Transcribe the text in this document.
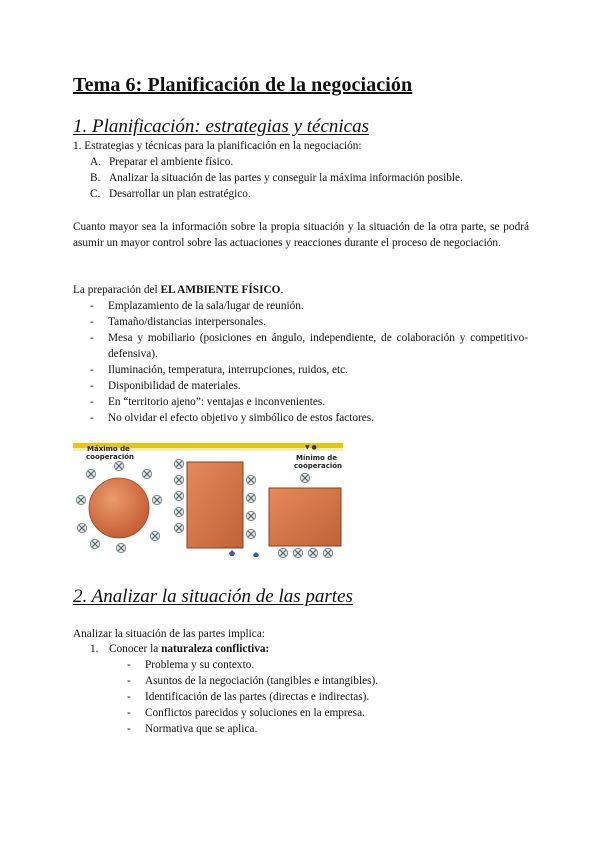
Tema 6: Planificación de la negociación
1. Planificación: estrategias y técnicas

1. Estrategias y técnicas para la planificación en la negociación:

A. Preparar el ambiente físico.
B. Analizar la situación de las partes y conseguir la máxima información posible.
C. Desarrollar un plan estratégico.

Cuanto mayor sea la información sobre la propia situación y la situación de la otra parte, se podrá asumir un mayor control sobre las actuaciones y reacciones durante el proceso de negociación.

La preparación del EL AMBIENTE FÍSICO.

- Emplazamiento de la sala/lugar de reunión.
- Tamaño/distancias interpersonales.
- Mesa y mobiliario (posiciones en ángulo, independiente, de colaboración y competitivo-defensiva).
- Iluminación, temperatura, interrupciones, ruidos, etc.
- Disponibilidad de materiales.
- En “territorio ajeno”: ventajas e inconvenientes.
- No olvidar el efecto objetivo y simbólico de estos factores.
▼ ●
Máximo de
cooperación	Mínimo de
cooperación
2. Analizar la situación de las partes

Analizar la situación de las partes implica:

1. Conocer la naturaleza conflictiva:
- Problema y su contexto.
- Asuntos de la negociación (tangibles e intangibles).
- Identificación de las partes (directas e indirectas).
- Conflictos parecidos y soluciones en la empresa.
- Normativa que se aplica.
